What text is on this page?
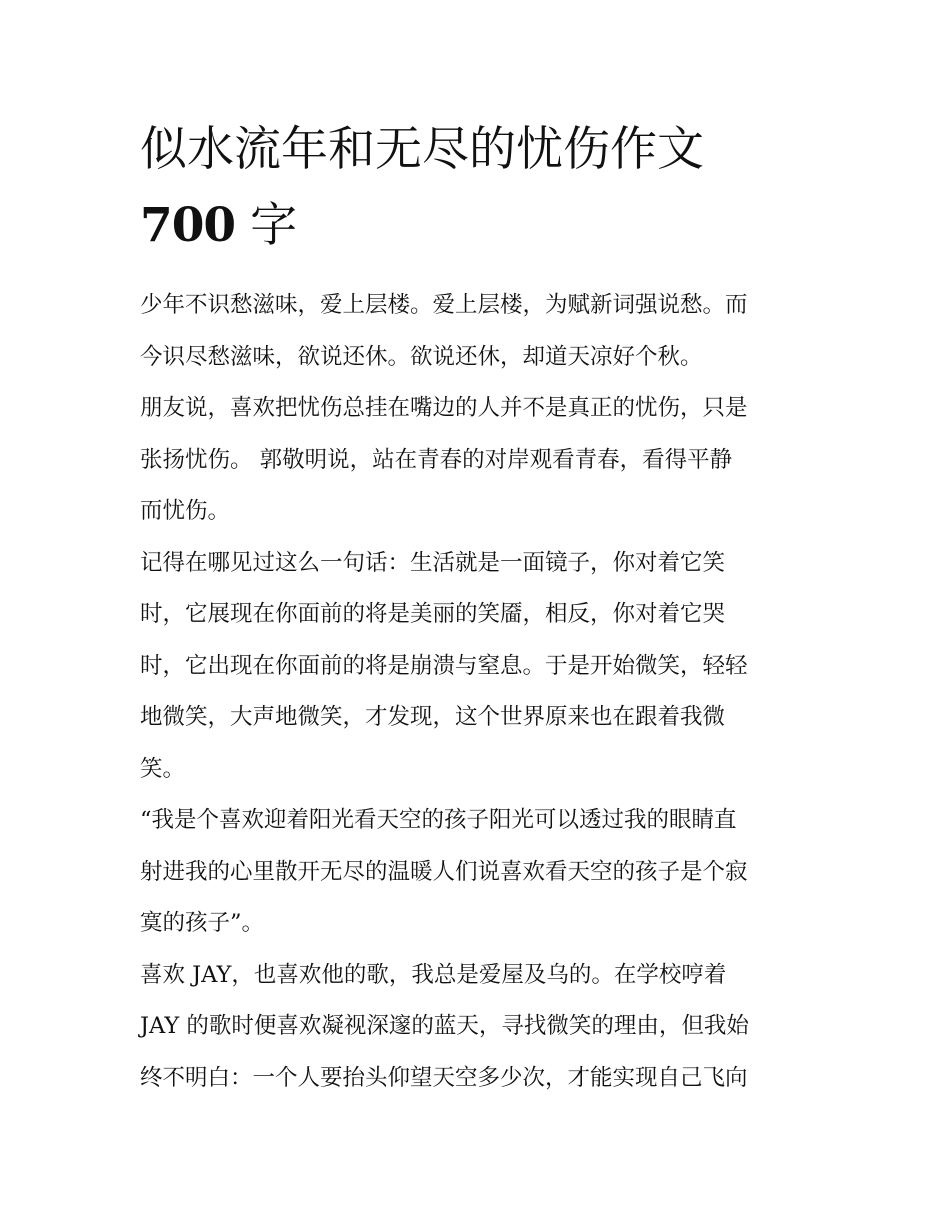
似水流年和无尽的忧伤作文
700 字

少年不识愁滋味，爱上层楼。爱上层楼，为赋新词强说愁。而
今识尽愁滋味，欲说还休。欲说还休，却道天凉好个秋。

朋友说，喜欢把忧伤总挂在嘴边的人并不是真正的忧伤，只是
张扬忧伤。 郭敬明说，站在青春的对岸观看青春，看得平静
而忧伤。

记得在哪见过这么一句话：生活就是一面镜子，你对着它笑
时，它展现在你面前的将是美丽的笑靥，相反，你对着它哭
时，它出现在你面前的将是崩溃与窒息。于是开始微笑，轻轻
地微笑，大声地微笑，才发现，这个世界原来也在跟着我微
笑。

“我是个喜欢迎着阳光看天空的孩子阳光可以透过我的眼睛直
射进我的心里散开无尽的温暖人们说喜欢看天空的孩子是个寂
寞的孩子”。

喜欢 JAY，也喜欢他的歌，我总是爱屋及乌的。在学校哼着
JAY 的歌时便喜欢凝视深邃的蓝天，寻找微笑的理由，但我始
终不明白：一个人要抬头仰望天空多少次，才能实现自己飞向
